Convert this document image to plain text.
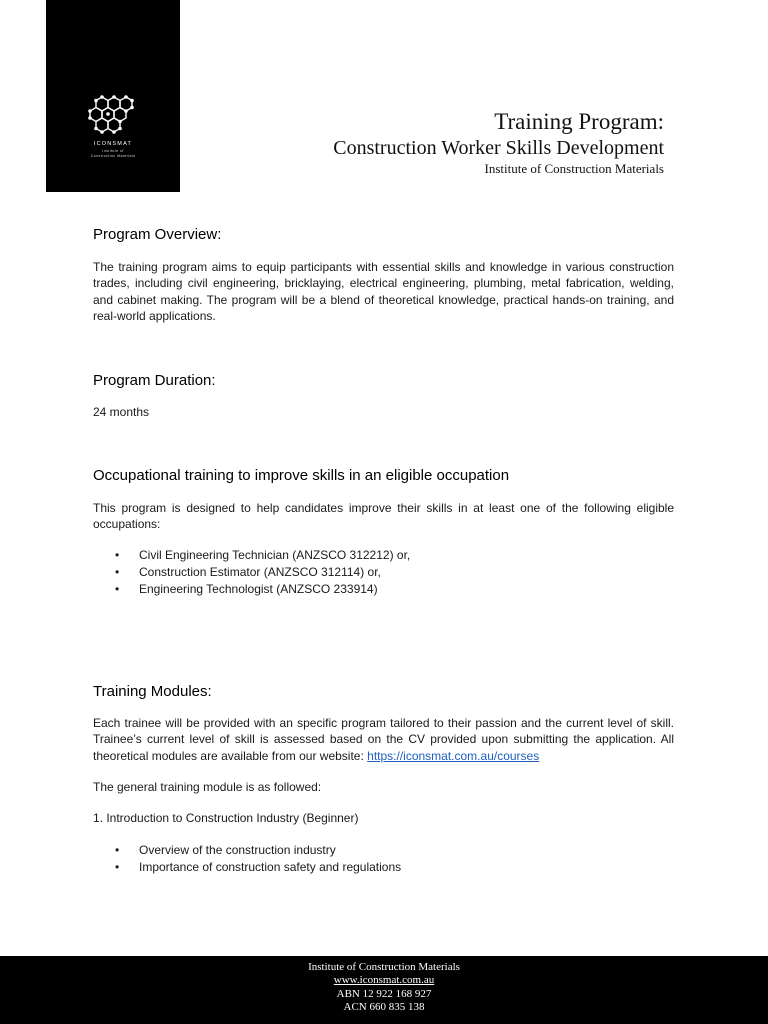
ICONSMAT
Institute of
Construction Materials
Training Program:
Construction Worker Skills Development
Institute of Construction Materials
Program Overview:
The training program aims to equip participants with essential skills and knowledge in various construction trades, including civil engineering, bricklaying, electrical engineering, plumbing, metal fabrication, welding, and cabinet making. The program will be a blend of theoretical knowledge, practical hands-on training, and real-world applications.
Program Duration:
24 months
Occupational training to improve skills in an eligible occupation
This program is designed to help candidates improve their skills in at least one of the following eligible occupations:
• Civil Engineering Technician (ANZSCO 312212) or,
• Construction Estimator (ANZSCO 312114) or,
• Engineering Technologist (ANZSCO 233914)
Training Modules:
Each trainee will be provided with an specific program tailored to their passion and the current level of skill. Trainee’s current level of skill is assessed based on the CV provided upon submitting the application. All theoretical modules are available from our website: https://iconsmat.com.au/courses
The general training module is as followed:
1. Introduction to Construction Industry (Beginner)
• Overview of the construction industry
• Importance of construction safety and regulations
Institute of Construction Materials
www.iconsmat.com.au
ABN 12 922 168 927
ACN 660 835 138
